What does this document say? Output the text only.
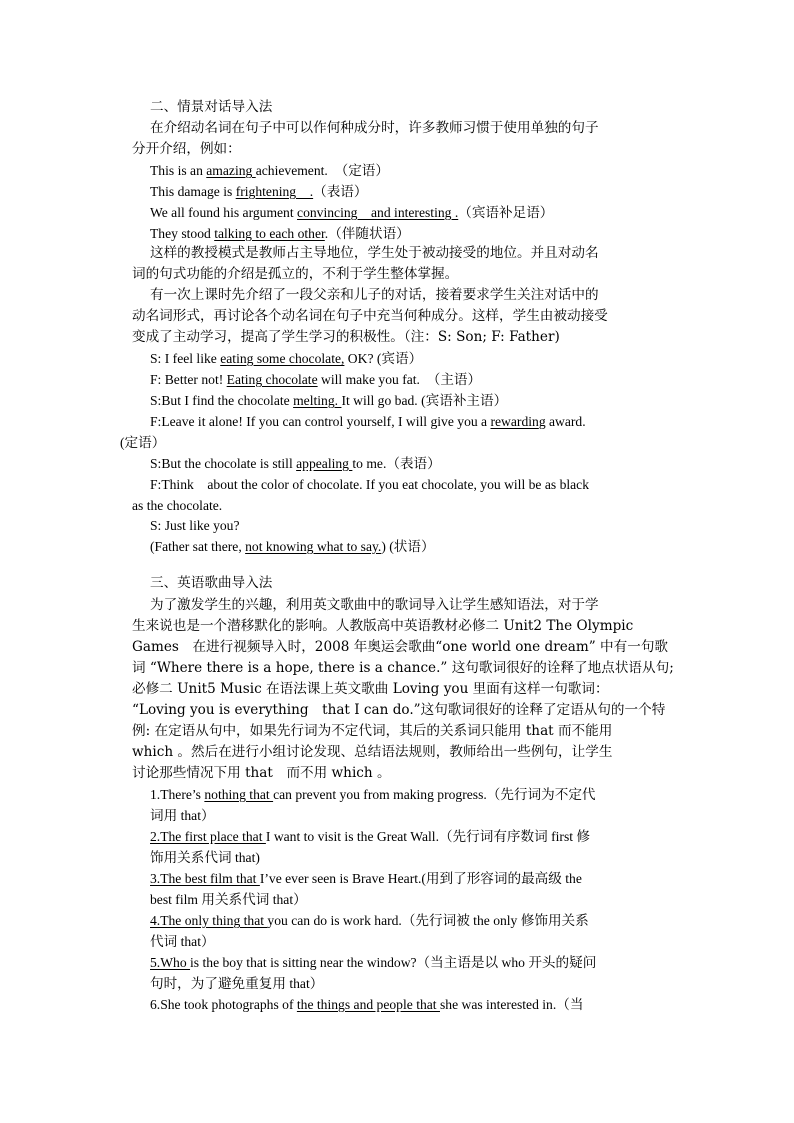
二、情景对话导入法
在介绍动名词在句子中可以作何种成分时，许多教师习惯于使用单独的句子
分开介绍，例如：
This is an amazing achievement.　（定语）
This damage is frightening　.（表语）
We all found his argument convincing　and interesting .（宾语补足语）
They stood talking to each other.（伴随状语）
这样的教授模式是教师占主导地位，学生处于被动接受的地位。并且对动名
词的句式功能的介绍是孤立的，不利于学生整体掌握。
有一次上课时先介绍了一段父亲和儿子的对话，接着要求学生关注对话中的
动名词形式，再讨论各个动名词在句子中充当何种成分。这样，学生由被动接受
变成了主动学习，提高了学生学习的积极性。（注：S: Son; F: Father)
S: I feel like eating some chocolate, OK? (宾语）
F: Better not! Eating chocolate will make you fat.　（主语）
S:But I find the chocolate melting. It will go bad. (宾语补主语）
F:Leave it alone! If you can control yourself, I will give you a rewarding award.
(定语）
S:But the chocolate is still appealing to me.（表语）
F:Think　about the color of chocolate. If you eat chocolate, you will be as black
as the chocolate.
S: Just like you?
(Father sat there, not knowing what to say.) (状语）
三、英语歌曲导入法
为了激发学生的兴趣，利用英文歌曲中的歌词导入让学生感知语法，对于学
生来说也是一个潜移默化的影响。人教版高中英语教材必修二 Unit2 The Olympic
Games　在进行视频导入时，2008 年奥运会歌曲“one world one dream” 中有一句歌
词 “Where there is a hope, there is a chance.” 这句歌词很好的诠释了地点状语从句;
必修二 Unit5 Music 在语法课上英文歌曲 Loving you 里面有这样一句歌词：
“Loving you is everything　that I can do.”这句歌词很好的诠释了定语从句的一个特
例: 在定语从句中，如果先行词为不定代词，其后的关系词只能用 that 而不能用
which 。然后在进行小组讨论发现、总结语法规则，教师给出一些例句，让学生
讨论那些情况下用 that　而不用 which 。
1.There’s nothing that can prevent you from making progress.（先行词为不定代
词用 that）
2.The first place that I want to visit is the Great Wall.（先行词有序数词 first 修
饰用关系代词 that)
3.The best film that I’ve ever seen is Brave Heart.(用到了形容词的最高级 the
best film 用关系代词 that）
4.The only thing that you can do is work hard.（先行词被 the only 修饰用关系
代词 that）
5.Who is the boy that is sitting near the window?（当主语是以 who 开头的疑问
句时，为了避免重复用 that）
6.She took photographs of the things and people that she was interested in.（当
